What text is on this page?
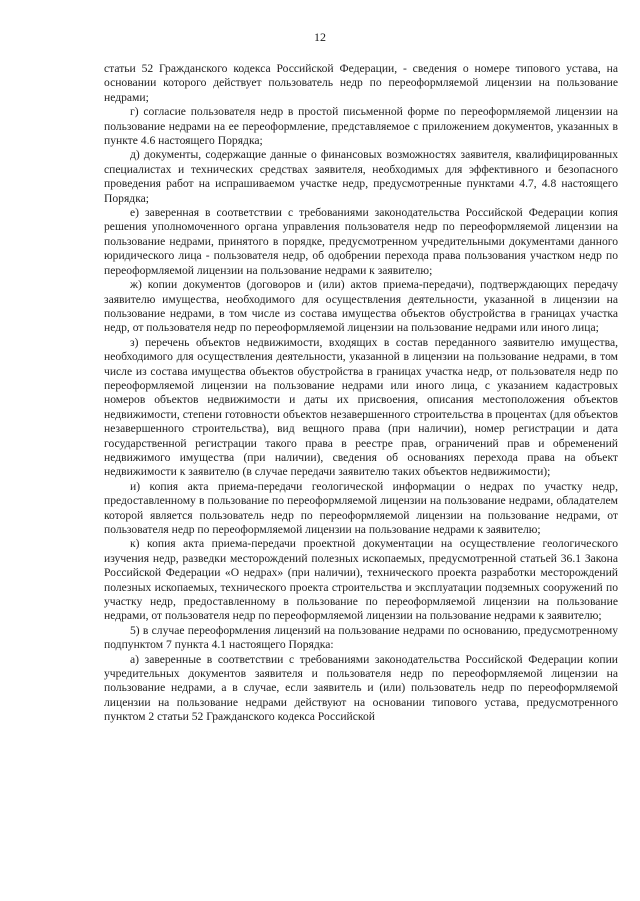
12

статьи 52 Гражданского кодекса Российской Федерации, - сведения о номере типового устава, на основании которого действует пользователь недр по переоформляемой лицензии на пользование недрами;

г) согласие пользователя недр в простой письменной форме по переоформляемой лицензии на пользование недрами на ее переоформление, представляемое с приложением документов, указанных в пункте 4.6 настоящего Порядка;

д) документы, содержащие данные о финансовых возможностях заявителя, квалифицированных специалистах и технических средствах заявителя, необходимых для эффективного и безопасного проведения работ на испрашиваемом участке недр, предусмотренные пунктами 4.7, 4.8 настоящего Порядка;

е) заверенная в соответствии с требованиями законодательства Российской Федерации копия решения уполномоченного органа управления пользователя недр по переоформляемой лицензии на пользование недрами, принятого в порядке, предусмотренном учредительными документами данного юридического лица - пользователя недр, об одобрении перехода права пользования участком недр по переоформляемой лицензии на пользование недрами к заявителю;

ж) копии документов (договоров и (или) актов приема-передачи), подтверждающих передачу заявителю имущества, необходимого для осуществления деятельности, указанной в лицензии на пользование недрами, в том числе из состава имущества объектов обустройства в границах участка недр, от пользователя недр по переоформляемой лицензии на пользование недрами или иного лица;

з) перечень объектов недвижимости, входящих в состав переданного заявителю имущества, необходимого для осуществления деятельности, указанной в лицензии на пользование недрами, в том числе из состава имущества объектов обустройства в границах участка недр, от пользователя недр по переоформляемой лицензии на пользование недрами или иного лица, с указанием кадастровых номеров объектов недвижимости и даты их присвоения, описания местоположения объектов недвижимости, степени готовности объектов незавершенного строительства в процентах (для объектов незавершенного строительства), вид вещного права (при наличии), номер регистрации и дата государственной регистрации такого права в реестре прав, ограничений прав и обременений недвижимого имущества (при наличии), сведения об основаниях перехода права на объект недвижимости к заявителю (в случае передачи заявителю таких объектов недвижимости);

и) копия акта приема-передачи геологической информации о недрах по участку недр, предоставленному в пользование по переоформляемой лицензии на пользование недрами, обладателем которой является пользователь недр по переоформляемой лицензии на пользование недрами, от пользователя недр по переоформляемой лицензии на пользование недрами к заявителю;

к) копия акта приема-передачи проектной документации на осуществление геологического изучения недр, разведки месторождений полезных ископаемых, предусмотренной статьей 36.1 Закона Российской Федерации «О недрах» (при наличии), технического проекта разработки месторождений полезных ископаемых, технического проекта строительства и эксплуатации подземных сооружений по участку недр, предоставленному в пользование по переоформляемой лицензии на пользование недрами, от пользователя недр по переоформляемой лицензии на пользование недрами к заявителю;

5) в случае переоформления лицензий на пользование недрами по основанию, предусмотренному подпунктом 7 пункта 4.1 настоящего Порядка:

а) заверенные в соответствии с требованиями законодательства Российской Федерации копии учредительных документов заявителя и пользователя недр по переоформляемой лицензии на пользование недрами, а в случае, если заявитель и (или) пользователь недр по переоформляемой лицензии на пользование недрами действуют на основании типового устава, предусмотренного пунктом 2 статьи 52 Гражданского кодекса Российской
